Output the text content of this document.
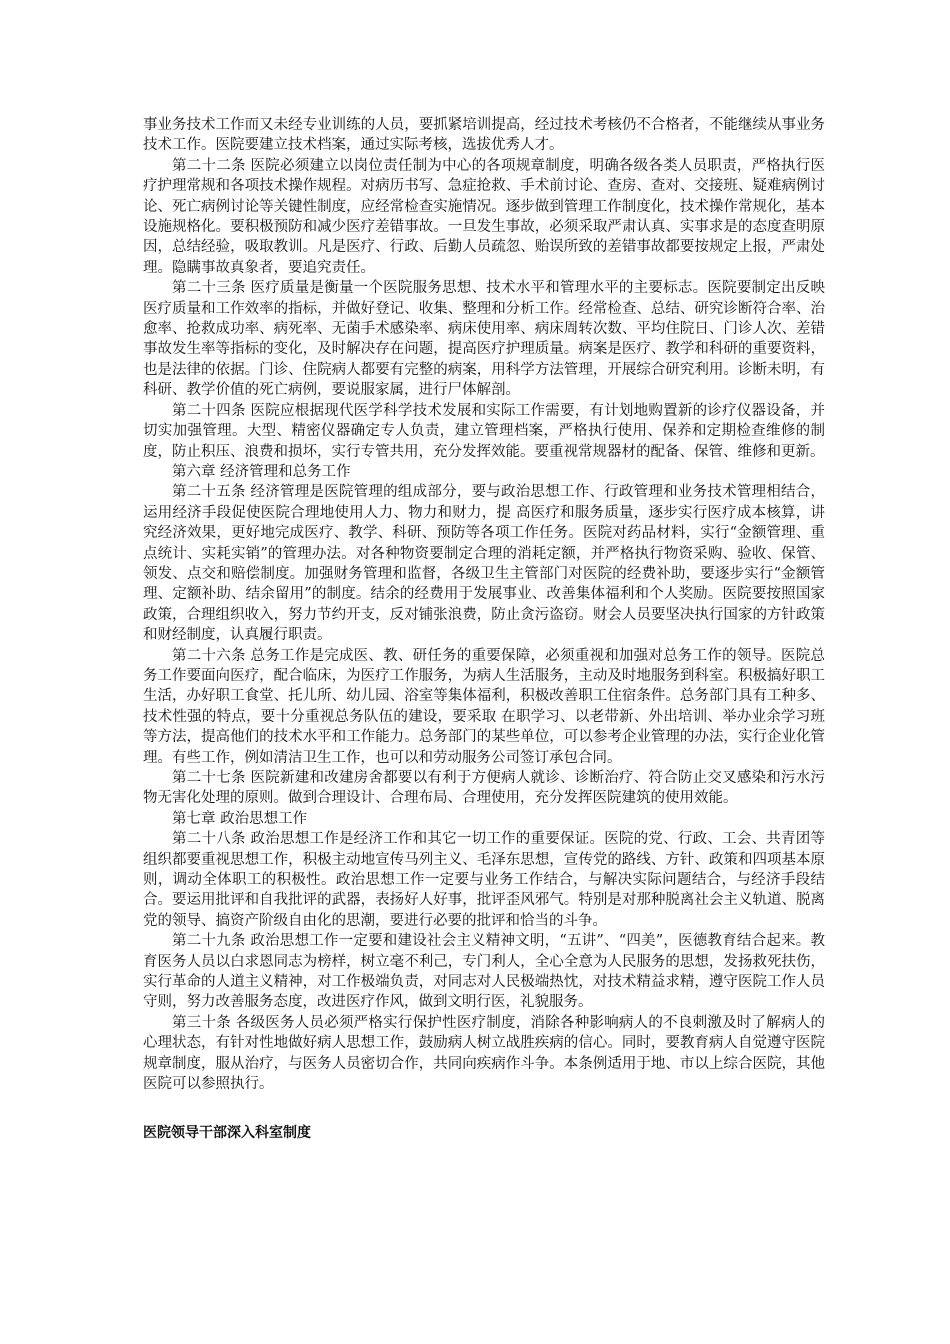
事业务技术工作而又未经专业训练的人员，要抓紧培训提高，经过技术考核仍不合格者，不能继续从事业务技术工作。医院要建立技术档案，通过实际考核，选拔优秀人才。

第二十二条 医院必须建立以岗位责任制为中心的各项规章制度，明确各级各类人员职责，严格执行医疗护理常规和各项技术操作规程。对病历书写、急症抢救、手术前讨论、查房、查对、交接班、疑难病例讨论、死亡病例讨论等关键性制度，应经常检查实施情况。逐步做到管理工作制度化，技术操作常规化，基本设施规格化。要积极预防和减少医疗差错事故。一旦发生事故，必须采取严肃认真、实事求是的态度查明原因，总结经验，吸取教训。凡是医疗、行政、后勤人员疏忽、贻误所致的差错事故都要按规定上报，严肃处理。隐瞒事故真象者，要追究责任。

第二十三条 医疗质量是衡量一个医院服务思想、技术水平和管理水平的主要标志。医院要制定出反映医疗质量和工作效率的指标，并做好登记、收集、整理和分析工作。经常检查、总结、研究诊断符合率、治愈率、抢救成功率、病死率、无菌手术感染率、病床使用率、病床周转次数、平均住院日、门诊人次、差错事故发生率等指标的变化，及时解决存在问题，提高医疗护理质量。病案是医疗、教学和科研的重要资料，也是法律的依据。门诊、住院病人都要有完整的病案，用科学方法管理，开展综合研究利用。诊断未明，有科研、教学价值的死亡病例，要说服家属，进行尸体解剖。

第二十四条 医院应根据现代医学科学技术发展和实际工作需要，有计划地购置新的诊疗仪器设备，并切实加强管理。大型、精密仪器确定专人负责，建立管理档案，严格执行使用、保养和定期检查维修的制度，防止积压、浪费和损坏，实行专管共用，充分发挥效能。要重视常规器材的配备、保管、维修和更新。

第六章 经济管理和总务工作

第二十五条 经济管理是医院管理的组成部分，要与政治思想工作、行政管理和业务技术管理相结合，运用经济手段促使医院合理地使用人力、物力和财力，提 高医疗和服务质量，逐步实行医疗成本核算，讲究经济效果，更好地完成医疗、教学、科研、预防等各项工作任务。医院对药品材料，实行“金额管理、重点统计、实耗实销”的管理办法。对各种物资要制定合理的消耗定额，并严格执行物资采购、验收、保管、领发、点交和赔偿制度。加强财务管理和监督，各级卫生主管部门对医院的经费补助，要逐步实行“金额管理、定额补助、结余留用”的制度。结余的经费用于发展事业、改善集体福利和个人奖励。医院要按照国家政策，合理组织收入，努力节约开支，反对铺张浪费，防止贪污盗窃。财会人员要坚决执行国家的方针政策和财经制度，认真履行职责。

第二十六条 总务工作是完成医、教、研任务的重要保障，必须重视和加强对总务工作的领导。医院总务工作要面向医疗，配合临床，为医疗工作服务，为病人生活服务，主动及时地服务到科室。积极搞好职工生活，办好职工食堂、托儿所、幼儿园、浴室等集体福利，积极改善职工住宿条件。总务部门具有工种多、技术性强的特点，要十分重视总务队伍的建设，要采取 在职学习、以老带新、外出培训、举办业余学习班等方法，提高他们的技术水平和工作能力。总务部门的某些单位，可以参考企业管理的办法，实行企业化管理。有些工作，例如清洁卫生工作，也可以和劳动服务公司签订承包合同。

第二十七条 医院新建和改建房舍都要以有利于方便病人就诊、诊断治疗、符合防止交叉感染和污水污物无害化处理的原则。做到合理设计、合理布局、合理使用，充分发挥医院建筑的使用效能。

第七章 政治思想工作

第二十八条 政治思想工作是经济工作和其它一切工作的重要保证。医院的党、行政、工会、共青团等组织都要重视思想工作，积极主动地宣传马列主义、毛泽东思想，宣传党的路线、方针、政策和四项基本原则，调动全体职工的积极性。政治思想工作一定要与业务工作结合，与解决实际问题结合，与经济手段结合。要运用批评和自我批评的武器，表扬好人好事，批评歪风邪气。特别是对那种脱离社会主义轨道、脱离党的领导、搞资产阶级自由化的思潮，要进行必要的批评和恰当的斗争。

第二十九条 政治思想工作一定要和建设社会主义精神文明，“五讲”、“四美”，医德教育结合起来。教育医务人员以白求恩同志为榜样，树立毫不利己，专门利人，全心全意为人民服务的思想，发扬救死扶伤，实行革命的人道主义精神，对工作极端负责，对同志对人民极端热忱，对技术精益求精，遵守医院工作人员守则，努力改善服务态度，改进医疗作风，做到文明行医，礼貌服务。

第三十条 各级医务人员必须严格实行保护性医疗制度，消除各种影响病人的不良刺激及时了解病人的心理状态，有针对性地做好病人思想工作，鼓励病人树立战胜疾病的信心。同时，要教育病人自觉遵守医院规章制度，服从治疗，与医务人员密切合作，共同向疾病作斗争。本条例适用于地、市以上综合医院，其他医院可以参照执行。

医院领导干部深入科室制度
